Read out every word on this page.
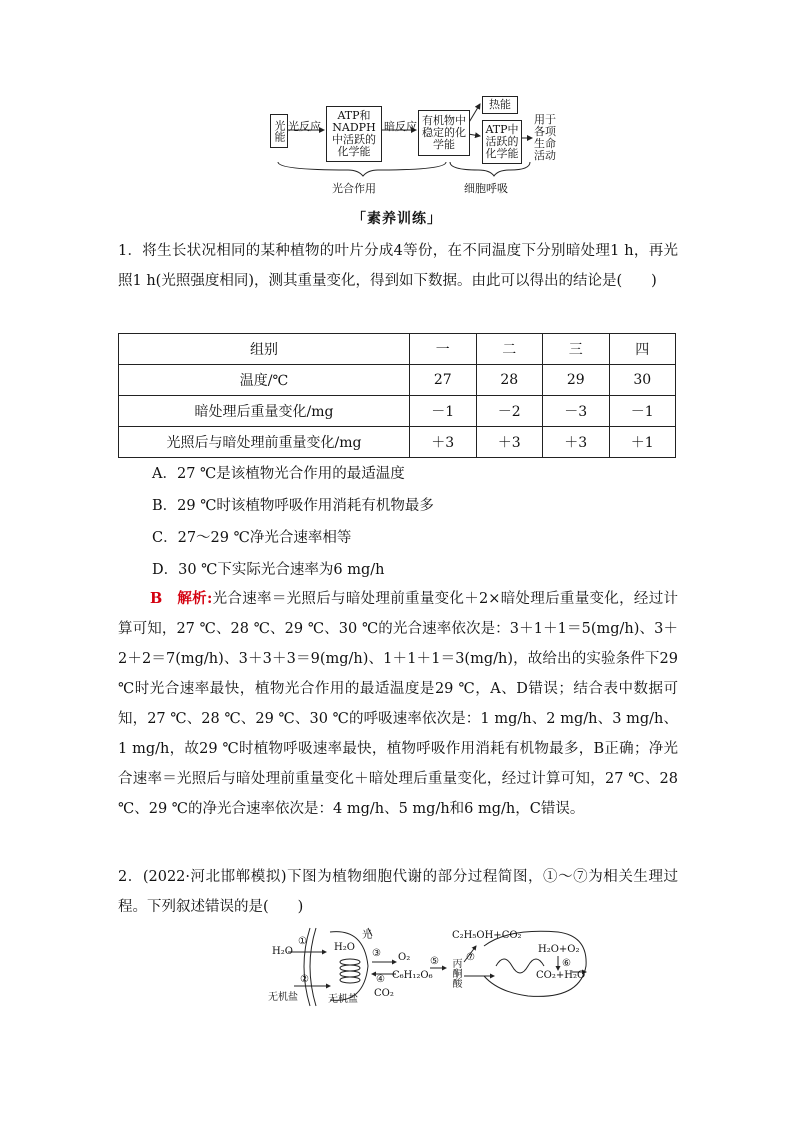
光能 光反应
ATP和NADPH中活跃的化学能
暗反应 有机物中稳定的化学能
热能
ATP中活跃的化学能
用于各项生命活动
光合作用	细胞呼吸
「素养训练」

1．将生长状况相同的某种植物的叶片分成4等份，在不同温度下分别暗处理1 h，再光照1 h(光照强度相同)，测其重量变化，得到如下数据。由此可以得出的结论是(　　)

组别	一	二	三	四
温度/℃	27	28	29	30
暗处理后重量变化/mg	－1	－2	－3	－1
光照后与暗处理前重量变化/mg	＋3	＋3	＋3	＋1
A．27 ℃是该植物光合作用的最适温度
B．29 ℃时该植物呼吸作用消耗有机物最多
C．27～29 ℃净光合速率相等
D．30 ℃下实际光合速率为6 mg/h

B　 解析:光合速率＝光照后与暗处理前重量变化＋2×暗处理后重量变化，经过计算可知，27 ℃、28 ℃、29 ℃、30 ℃的光合速率依次是：3＋1＋1＝5(mg/h)、3＋2＋2＝7(mg/h)、3＋3＋3＝9(mg/h)、1＋1＋1＝3(mg/h)，故给出的实验条件下29 ℃时光合速率最快，植物光合作用的最适温度是29 ℃，A、D错误；结合表中数据可知，27 ℃、28 ℃、29 ℃、30 ℃的呼吸速率依次是：1 mg/h、2 mg/h、3 mg/h、1 mg/h，故29 ℃时植物呼吸速率最快，植物呼吸作用消耗有机物最多，B正确；净光合速率＝光照后与暗处理前重量变化＋暗处理后重量变化，经过计算可知，27 ℃、28 ℃、29 ℃的净光合速率依次是：4 mg/h、5 mg/h和6 mg/h，C错误。

2．(2022·河北邯郸模拟)下图为植物细胞代谢的部分过程简图，①～⑦为相关生理过程。下列叙述错误的是(　　)

H₂O
①
H₂O
光
③ O₂
④
CO₂
C₆H₁₂O₆
⑤ 丙酮酸
C₂H₅OH+CO₂
⑦
H₂O+O₂
⑥
CO₂+H₂O
无机盐
②
无机盐
